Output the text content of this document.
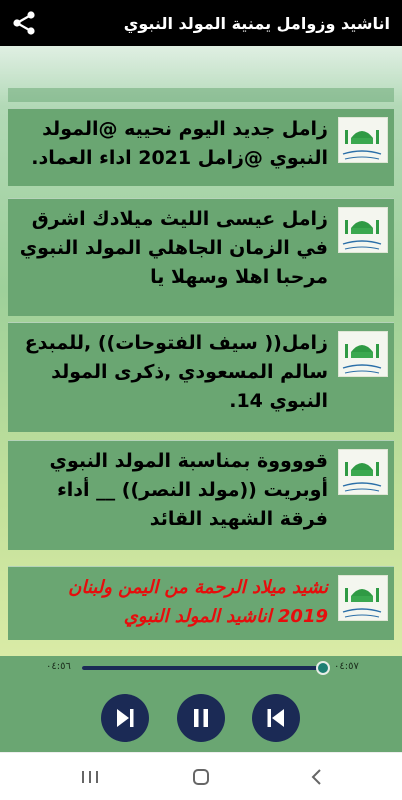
اناشيد وزوامل يمنية المولد النبوي
زامل جديد اليوم نحييه @المولد النبوي @زامل 2021 اداء العماد.
زامل عيسى الليث ميلادك اشرق في الزمان الجاهلي المولد النبوي مرحبا اهلا وسهلا يا
زامل(( سيف الفتوحات)) ,للمبدع سالم المسعودي ,ذكرى المولد النبوي 14.
قووووة بمناسبة المولد النبوي أوبريت ((مولد النصر)) __ أداء فرقة الشهيد القائد
نشيد ميلاد الرحمة من اليمن ولبنان 2019 اناشيد المولد النبوي
٠٤:٥٦	٠٤:٥٧
